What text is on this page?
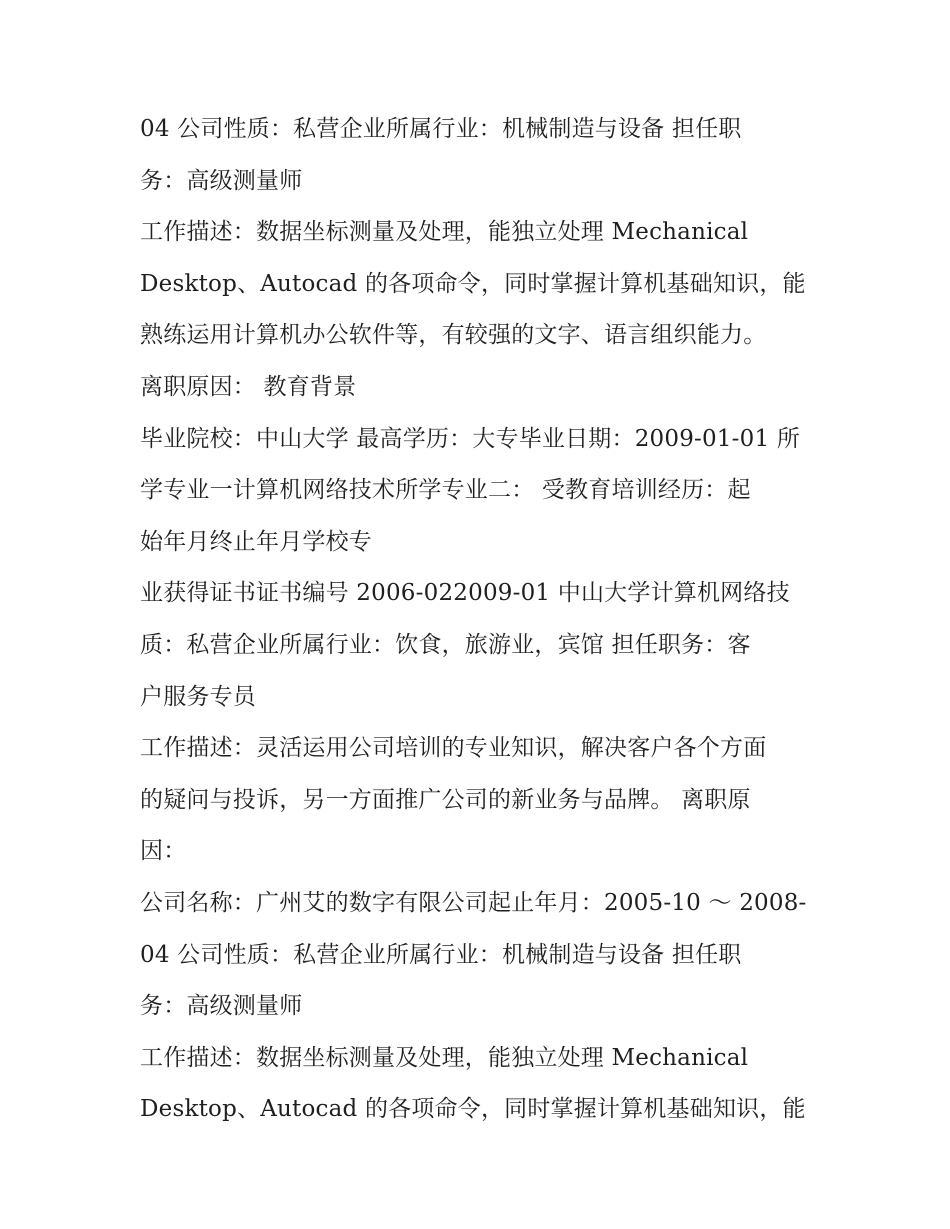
04 公司性质：私营企业所属行业：机械制造与设备 担任职
务：高级测量师
工作描述：数据坐标测量及处理，能独立处理 Mechanical
Desktop、Autocad 的各项命令，同时掌握计算机基础知识，能
熟练运用计算机办公软件等，有较强的文字、语言组织能力。
离职原因： 教育背景
毕业院校：中山大学 最高学历：大专毕业日期：2009-01-01 所
学专业一计算机网络技术所学专业二： 受教育培训经历：起
始年月终止年月学校专
业获得证书证书编号 2006-022009-01 中山大学计算机网络技
质：私营企业所属行业：饮食，旅游业，宾馆 担任职务：客
户服务专员
工作描述：灵活运用公司培训的专业知识，解决客户各个方面
的疑问与投诉，另一方面推广公司的新业务与品牌。 离职原
因：
公司名称：广州艾的数字有限公司起止年月：2005-10 ～ 2008-
04 公司性质：私营企业所属行业：机械制造与设备 担任职
务：高级测量师
工作描述：数据坐标测量及处理，能独立处理 Mechanical
Desktop、Autocad 的各项命令，同时掌握计算机基础知识，能
